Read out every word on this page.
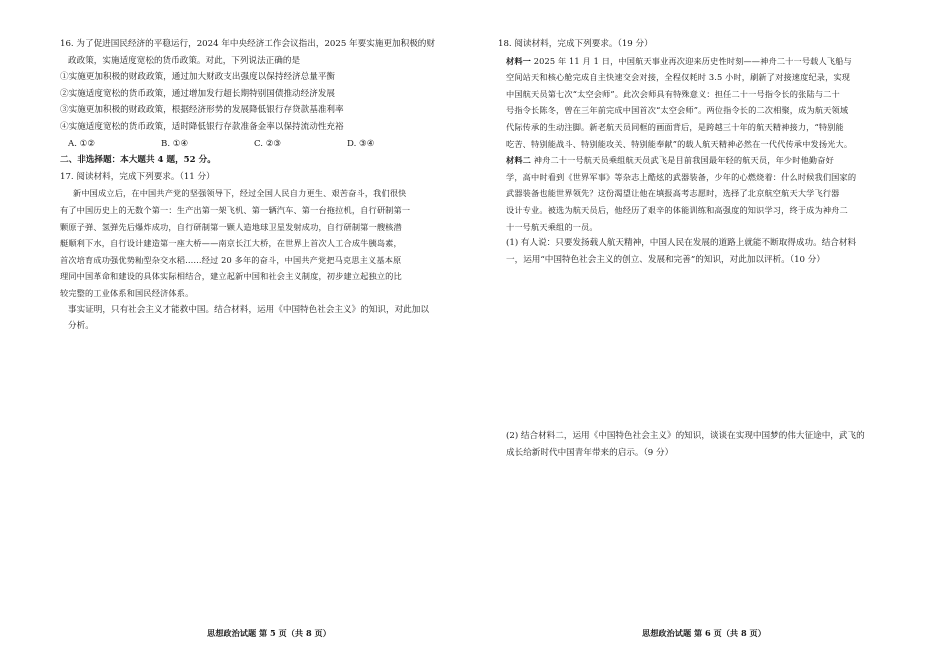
16. 为了促进国民经济的平稳运行，2024 年中央经济工作会议指出，2025 年要实施更加积极的财
政政策，实施适度宽松的货币政策。对此，下列说法正确的是
①实施更加积极的财政政策，通过加大财政支出强度以保持经济总量平衡
②实施适度宽松的货币政策，通过增加发行超长期特别国债推动经济发展
③实施更加积极的财政政策，根据经济形势的发展降低银行存贷款基准利率
④实施适度宽松的货币政策，适时降低银行存款准备金率以保持流动性充裕
A. ①②	B. ①④	C. ②③	D. ③④
二、非选择题：本大题共 4 题，52 分。
17. 阅读材料，完成下列要求。（11 分）
新中国成立后，在中国共产党的坚强领导下，经过全国人民自力更生、艰苦奋斗，我们很快
有了中国历史上的无数个第一：生产出第一架飞机、第一辆汽车、第一台拖拉机，自行研制第一
颗原子弹、氢弹先后爆炸成功，自行研制第一颗人造地球卫星发射成功，自行研制第一艘核潜
艇顺利下水，自行设计建造第一座大桥——南京长江大桥，在世界上首次人工合成牛胰岛素，
首次培育成功强优势籼型杂交水稻……经过 20 多年的奋斗，中国共产党把马克思主义基本原
理同中国革命和建设的具体实际相结合，建立起新中国和社会主义制度，初步建立起独立的比
较完整的工业体系和国民经济体系。
事实证明，只有社会主义才能救中国。结合材料，运用《中国特色社会主义》的知识，对此加以
分析。
18. 阅读材料，完成下列要求。（19 分）
材料一 2025 年 11 月 1 日，中国航天事业再次迎来历史性时刻——神舟二十一号载人飞船与
空间站天和核心舱完成自主快速交会对接，全程仅耗时 3.5 小时，刷新了对接速度纪录，实现
中国航天员第七次“太空会师”。此次会师具有特殊意义：担任二十一号指令长的张陆与二十
号指令长陈冬，曾在三年前完成中国首次“太空会师”。两位指令长的二次相聚，成为航天领域
代际传承的生动注脚。新老航天员同框的画面背后，是跨越三十年的航天精神接力，“特别能
吃苦、特别能战斗、特别能攻关、特别能奉献”的载人航天精神必然在一代代传承中发扬光大。
材料二 神舟二十一号航天员乘组航天员武飞是目前我国最年轻的航天员，年少时他勤奋好
学，高中时看到《世界军事》等杂志上酷炫的武器装备，少年的心燃烧着：什么时候我们国家的
武器装备也能世界领先？这份渴望让他在填报高考志愿时，选择了北京航空航天大学飞行器
设计专业。被选为航天员后，他经历了艰辛的体能训练和高强度的知识学习，终于成为神舟二
十一号航天乘组的一员。
(1) 有人说：只要发扬载人航天精神，中国人民在发展的道路上就能不断取得成功。结合材料
一，运用“中国特色社会主义的创立、发展和完善”的知识，对此加以评析。（10 分）
(2) 结合材料二，运用《中国特色社会主义》的知识，谈谈在实现中国梦的伟大征途中，武飞的
成长给新时代中国青年带来的启示。（9 分）
思想政治试题 第 5 页（共 8 页）	思想政治试题 第 6 页（共 8 页）
